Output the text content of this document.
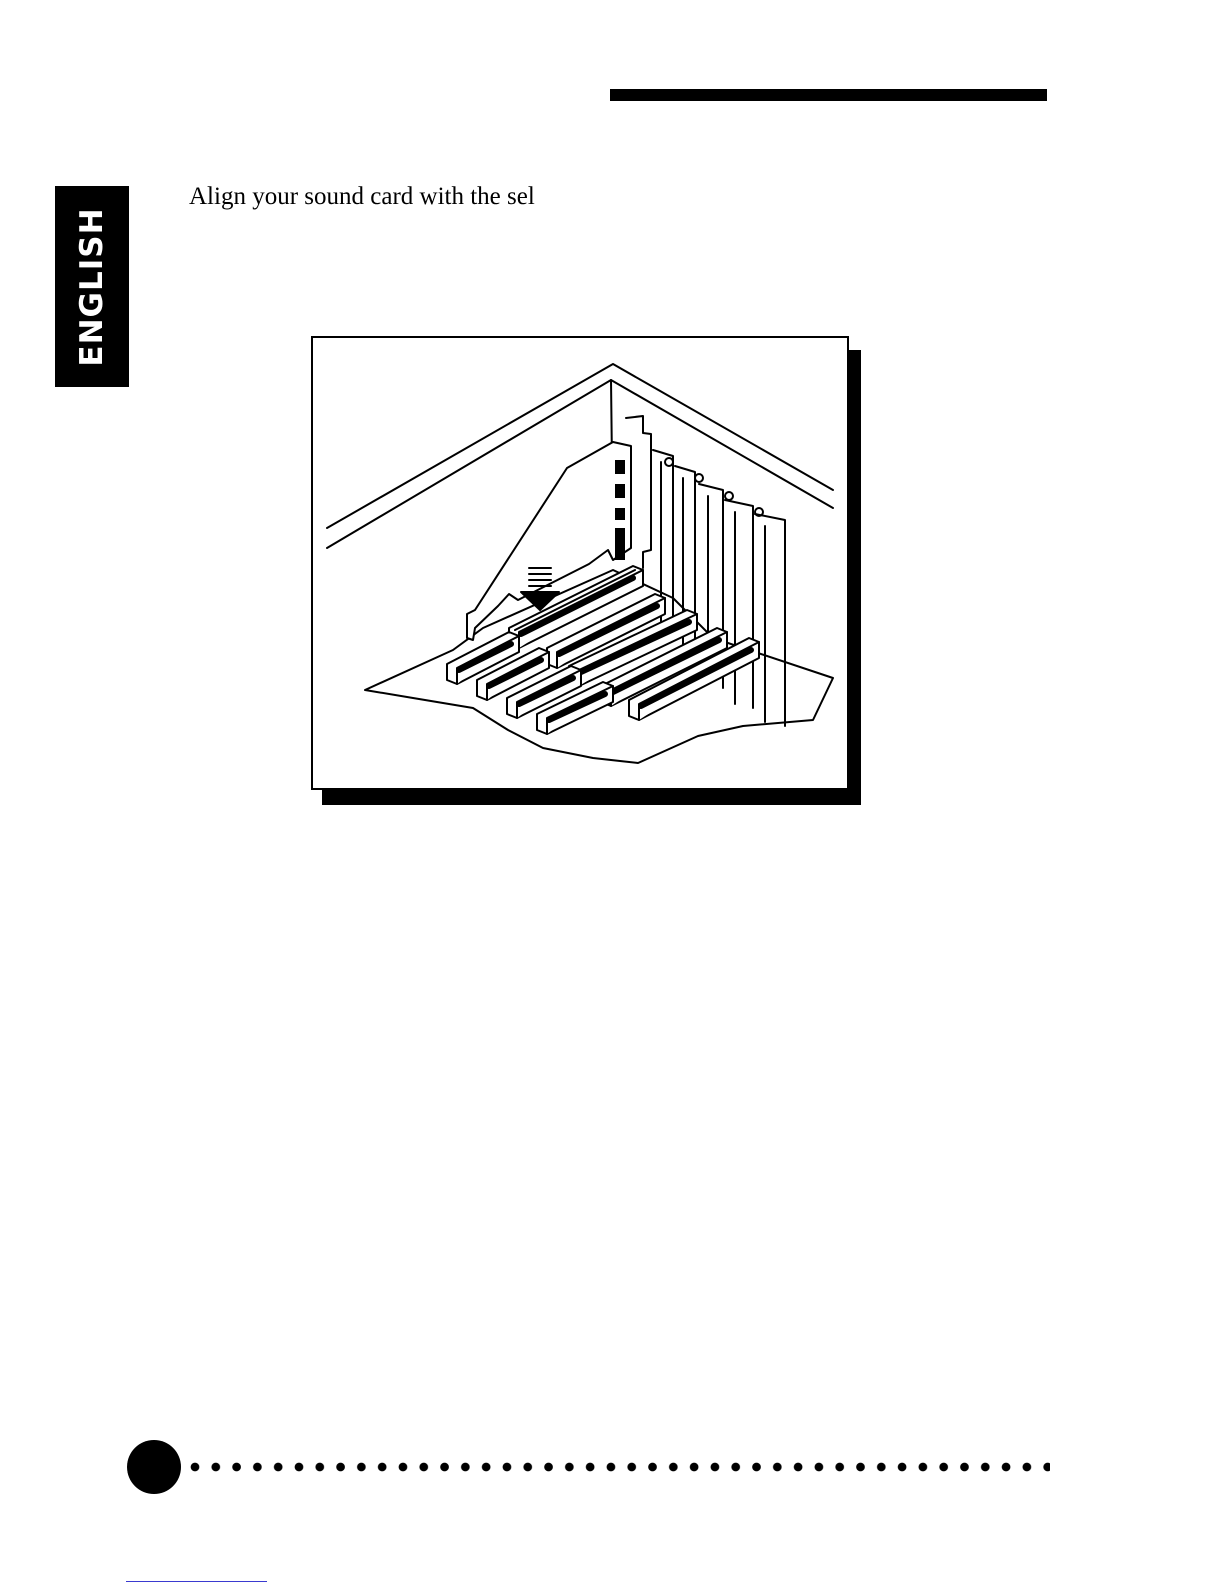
ENGLISH
Align your sound card with the sel
